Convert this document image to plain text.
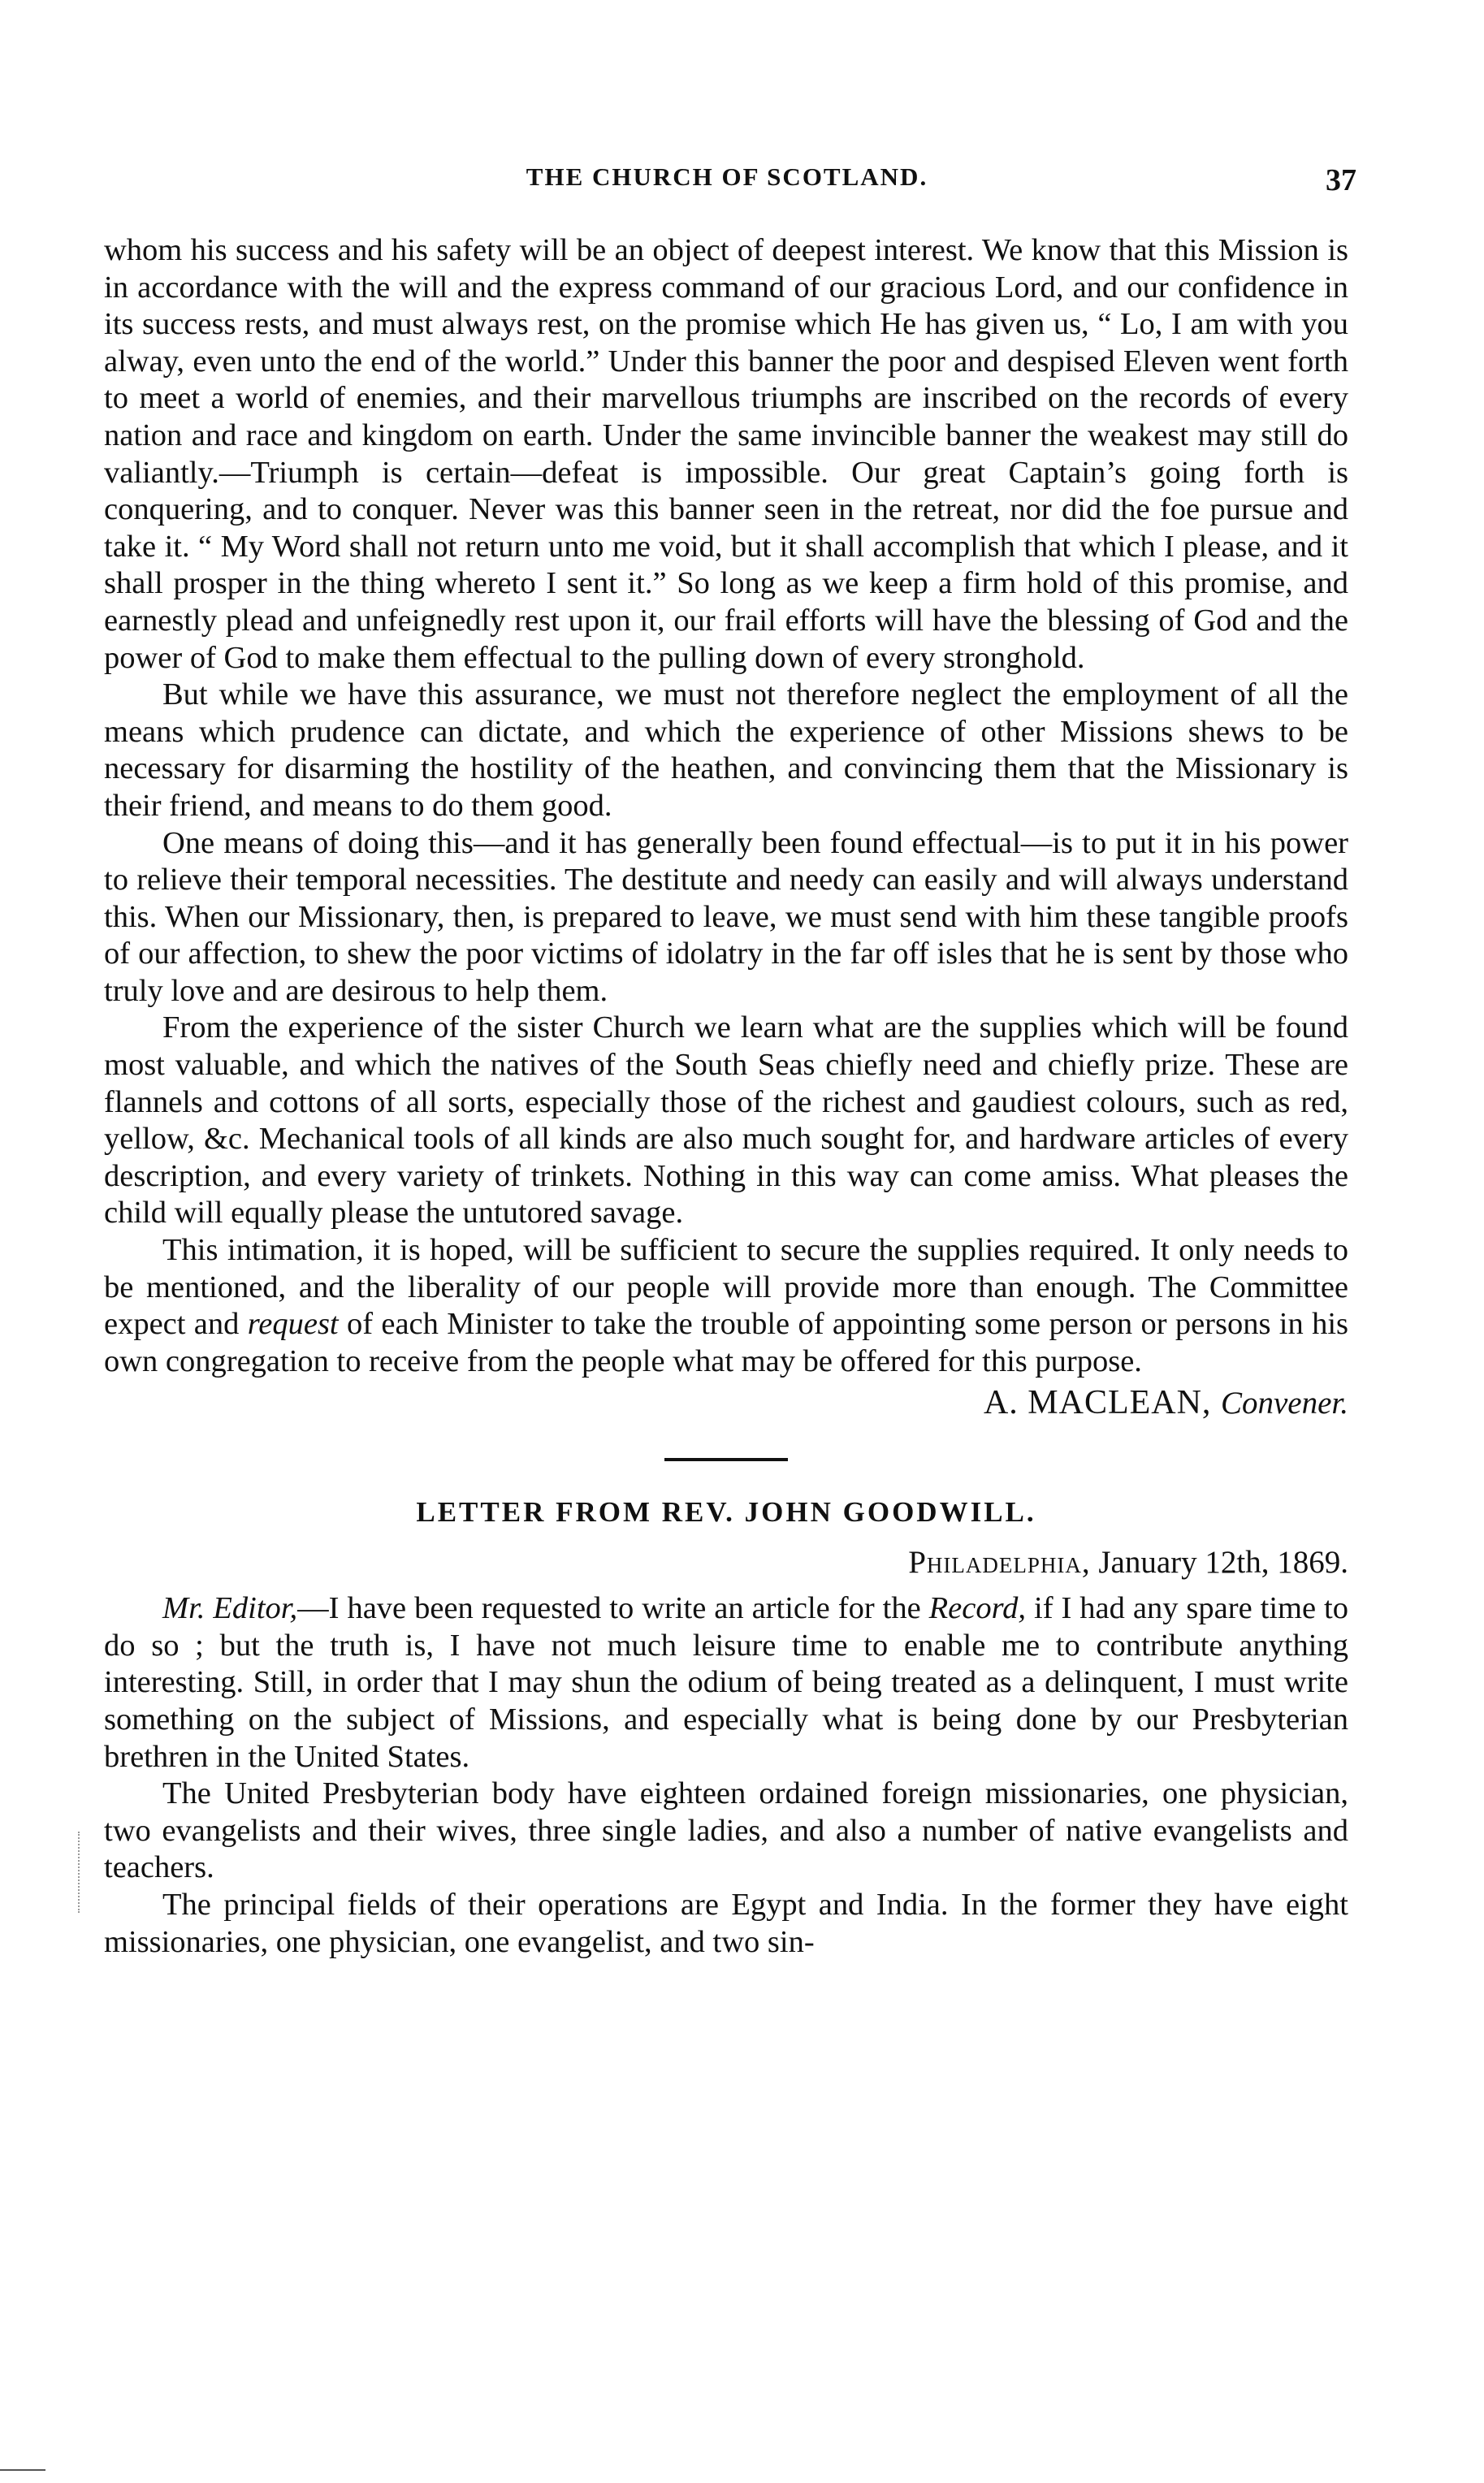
THE CHURCH OF SCOTLAND.	37

whom his success and his safety will be an object of deepest interest. We know that this Mission is in accordance with the will and the express command of our gracious Lord, and our confidence in its success rests, and must always rest, on the promise which He has given us, “ Lo, I am with you alway, even unto the end of the world.” Under this banner the poor and despised Eleven went forth to meet a world of enemies, and their marvellous triumphs are inscribed on the records of every nation and race and kingdom on earth. Under the same invincible banner the weakest may still do valiantly.—Triumph is certain—defeat is impossible. Our great Captain’s going forth is conquering, and to conquer. Never was this banner seen in the retreat, nor did the foe pursue and take it. “ My Word shall not return unto me void, but it shall accomplish that which I please, and it shall prosper in the thing whereto I sent it.” So long as we keep a firm hold of this promise, and earnestly plead and unfeignedly rest upon it, our frail efforts will have the blessing of God and the power of God to make them effectual to the pulling down of every stronghold.

But while we have this assurance, we must not therefore neglect the employment of all the means which prudence can dictate, and which the experience of other Missions shews to be necessary for disarming the hostility of the heathen, and convincing them that the Missionary is their friend, and means to do them good.

One means of doing this—and it has generally been found effectual—is to put it in his power to relieve their temporal necessities. The destitute and needy can easily and will always understand this. When our Missionary, then, is prepared to leave, we must send with him these tangible proofs of our affection, to shew the poor victims of idolatry in the far off isles that he is sent by those who truly love and are desirous to help them.

From the experience of the sister Church we learn what are the supplies which will be found most valuable, and which the natives of the South Seas chiefly need and chiefly prize. These are flannels and cottons of all sorts, especially those of the richest and gaudiest colours, such as red, yellow, &c. Mechanical tools of all kinds are also much sought for, and hardware articles of every description, and every variety of trinkets. Nothing in this way can come amiss. What pleases the child will equally please the untutored savage.

This intimation, it is hoped, will be sufficient to secure the supplies required. It only needs to be mentioned, and the liberality of our people will provide more than enough. The Committee expect and request of each Minister to take the trouble of appointing some person or persons in his own congregation to receive from the people what may be offered for this purpose.

A. MACLEAN, Convener.
LETTER FROM REV. JOHN GOODWILL.
Philadelphia, January 12th, 1869.

Mr. Editor,—I have been requested to write an article for the Record, if I had any spare time to do so ; but the truth is, I have not much leisure time to enable me to contribute anything interesting. Still, in order that I may shun the odium of being treated as a delinquent, I must write something on the subject of Missions, and especially what is being done by our Presbyterian brethren in the United States.

The United Presbyterian body have eighteen ordained foreign missionaries, one physician, two evangelists and their wives, three single ladies, and also a number of native evangelists and teachers.

The principal fields of their operations are Egypt and India. In the former they have eight missionaries, one physician, one evangelist, and two sin-
